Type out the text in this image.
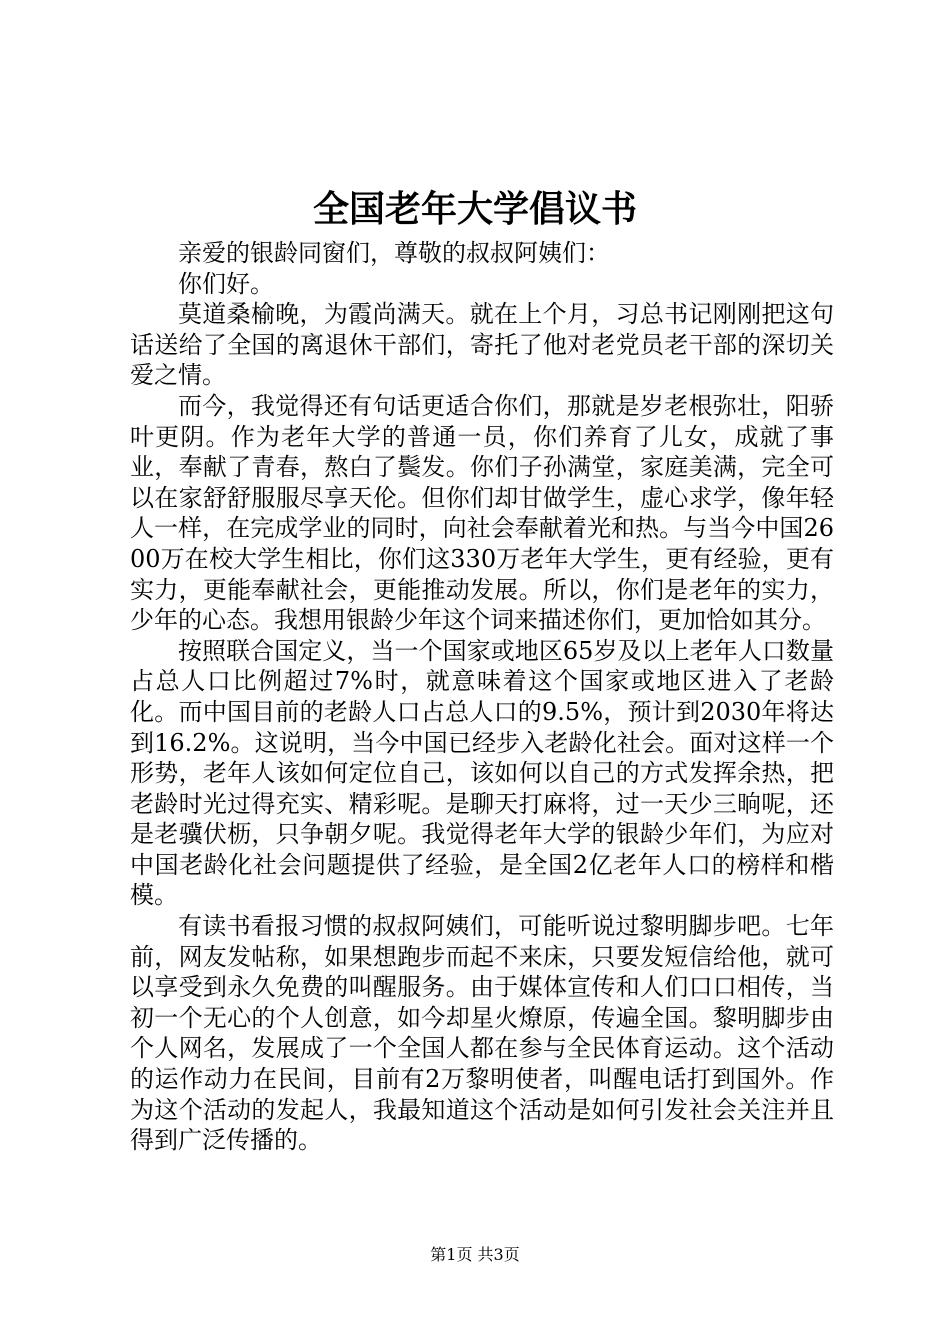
全国老年大学倡议书

亲爱的银龄同窗们，尊敬的叔叔阿姨们：

你们好。

莫道桑榆晚，为霞尚满天。就在上个月，习总书记刚刚把这句话送给了全国的离退休干部们，寄托了他对老党员老干部的深切关爱之情。

而今，我觉得还有句话更适合你们，那就是岁老根弥壮，阳骄叶更阴。作为老年大学的普通一员，你们养育了儿女，成就了事业，奉献了青春，熬白了鬓发。你们子孙满堂，家庭美满，完全可以在家舒舒服服尽享天伦。但你们却甘做学生，虚心求学，像年轻人一样，在完成学业的同时，向社会奉献着光和热。与当今中国2600万在校大学生相比，你们这330万老年大学生，更有经验，更有实力，更能奉献社会，更能推动发展。所以，你们是老年的实力，少年的心态。我想用银龄少年这个词来描述你们，更加恰如其分。

按照联合国定义，当一个国家或地区65岁及以上老年人口数量占总人口比例超过7%时，就意味着这个国家或地区进入了老龄化。而中国目前的老龄人口占总人口的9.5%，预计到2030年将达到16.2%。这说明，当今中国已经步入老龄化社会。面对这样一个形势，老年人该如何定位自己，该如何以自己的方式发挥余热，把老龄时光过得充实、精彩呢。是聊天打麻将，过一天少三晌呢，还是老骥伏枥，只争朝夕呢。我觉得老年大学的银龄少年们，为应对中国老龄化社会问题提供了经验，是全国2亿老年人口的榜样和楷模。

有读书看报习惯的叔叔阿姨们，可能听说过黎明脚步吧。七年前，网友发帖称，如果想跑步而起不来床，只要发短信给他，就可以享受到永久免费的叫醒服务。由于媒体宣传和人们口口相传，当初一个无心的个人创意，如今却星火燎原，传遍全国。黎明脚步由个人网名，发展成了一个全国人都在参与全民体育运动。这个活动的运作动力在民间，目前有2万黎明使者，叫醒电话打到国外。作为这个活动的发起人，我最知道这个活动是如何引发社会关注并且得到广泛传播的。

第1页 共3页
